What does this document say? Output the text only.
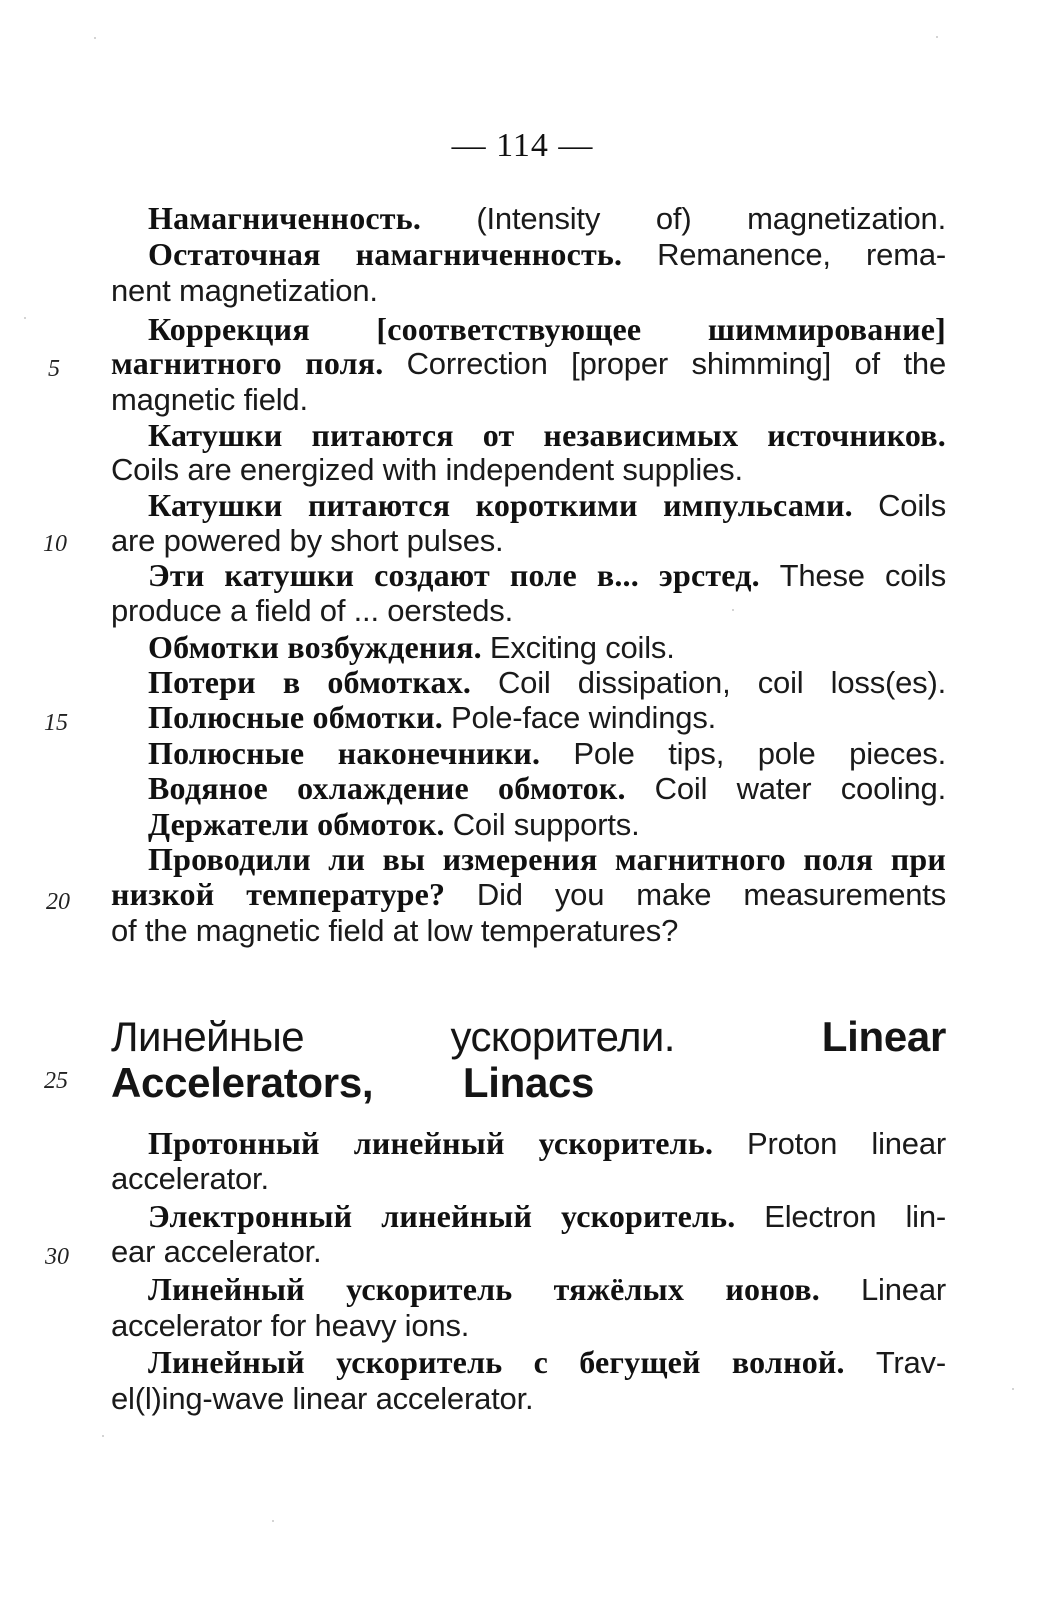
— 114 —
Намагниченность. (Intensity of) magnetization.
Остаточная намагниченность. Remanence, rema-
nent magnetization.
Коррекция [соответствующее шиммирование]
магнитного поля. Correction [proper shimming] of the
magnetic field.
Катушки питаются от независимых источников.
Coils are energized with independent supplies.
Катушки питаются короткими импульсами. Coils
are powered by short pulses.
Эти катушки создают поле в... эрстед. These coils
produce a field of ... oersteds.
Обмотки возбуждения. Exciting coils.
Потери в обмотках. Coil dissipation, coil loss(es).
Полюсные обмотки. Pole-face windings.
Полюсные наконечники. Pole tips, pole pieces.
Водяное охлаждение обмоток. Coil water cooling.
Держатели обмоток. Coil supports.
Проводили ли вы измерения магнитного поля при
низкой температуре? Did you make measurements
of the magnetic field at low temperatures?
Линейные ускорители.	Linear Accelerators,	Linacs
Протонный линейный ускоритель. Proton linear
accelerator.
Электронный линейный ускоритель. Electron lin-
ear accelerator.
Линейный ускоритель тяжёлых ионов. Linear
accelerator for heavy ions.
Линейный ускоритель с бегущей волной. Trav-
el(l)ing-wave linear accelerator.
5
10
15
20
25
30
